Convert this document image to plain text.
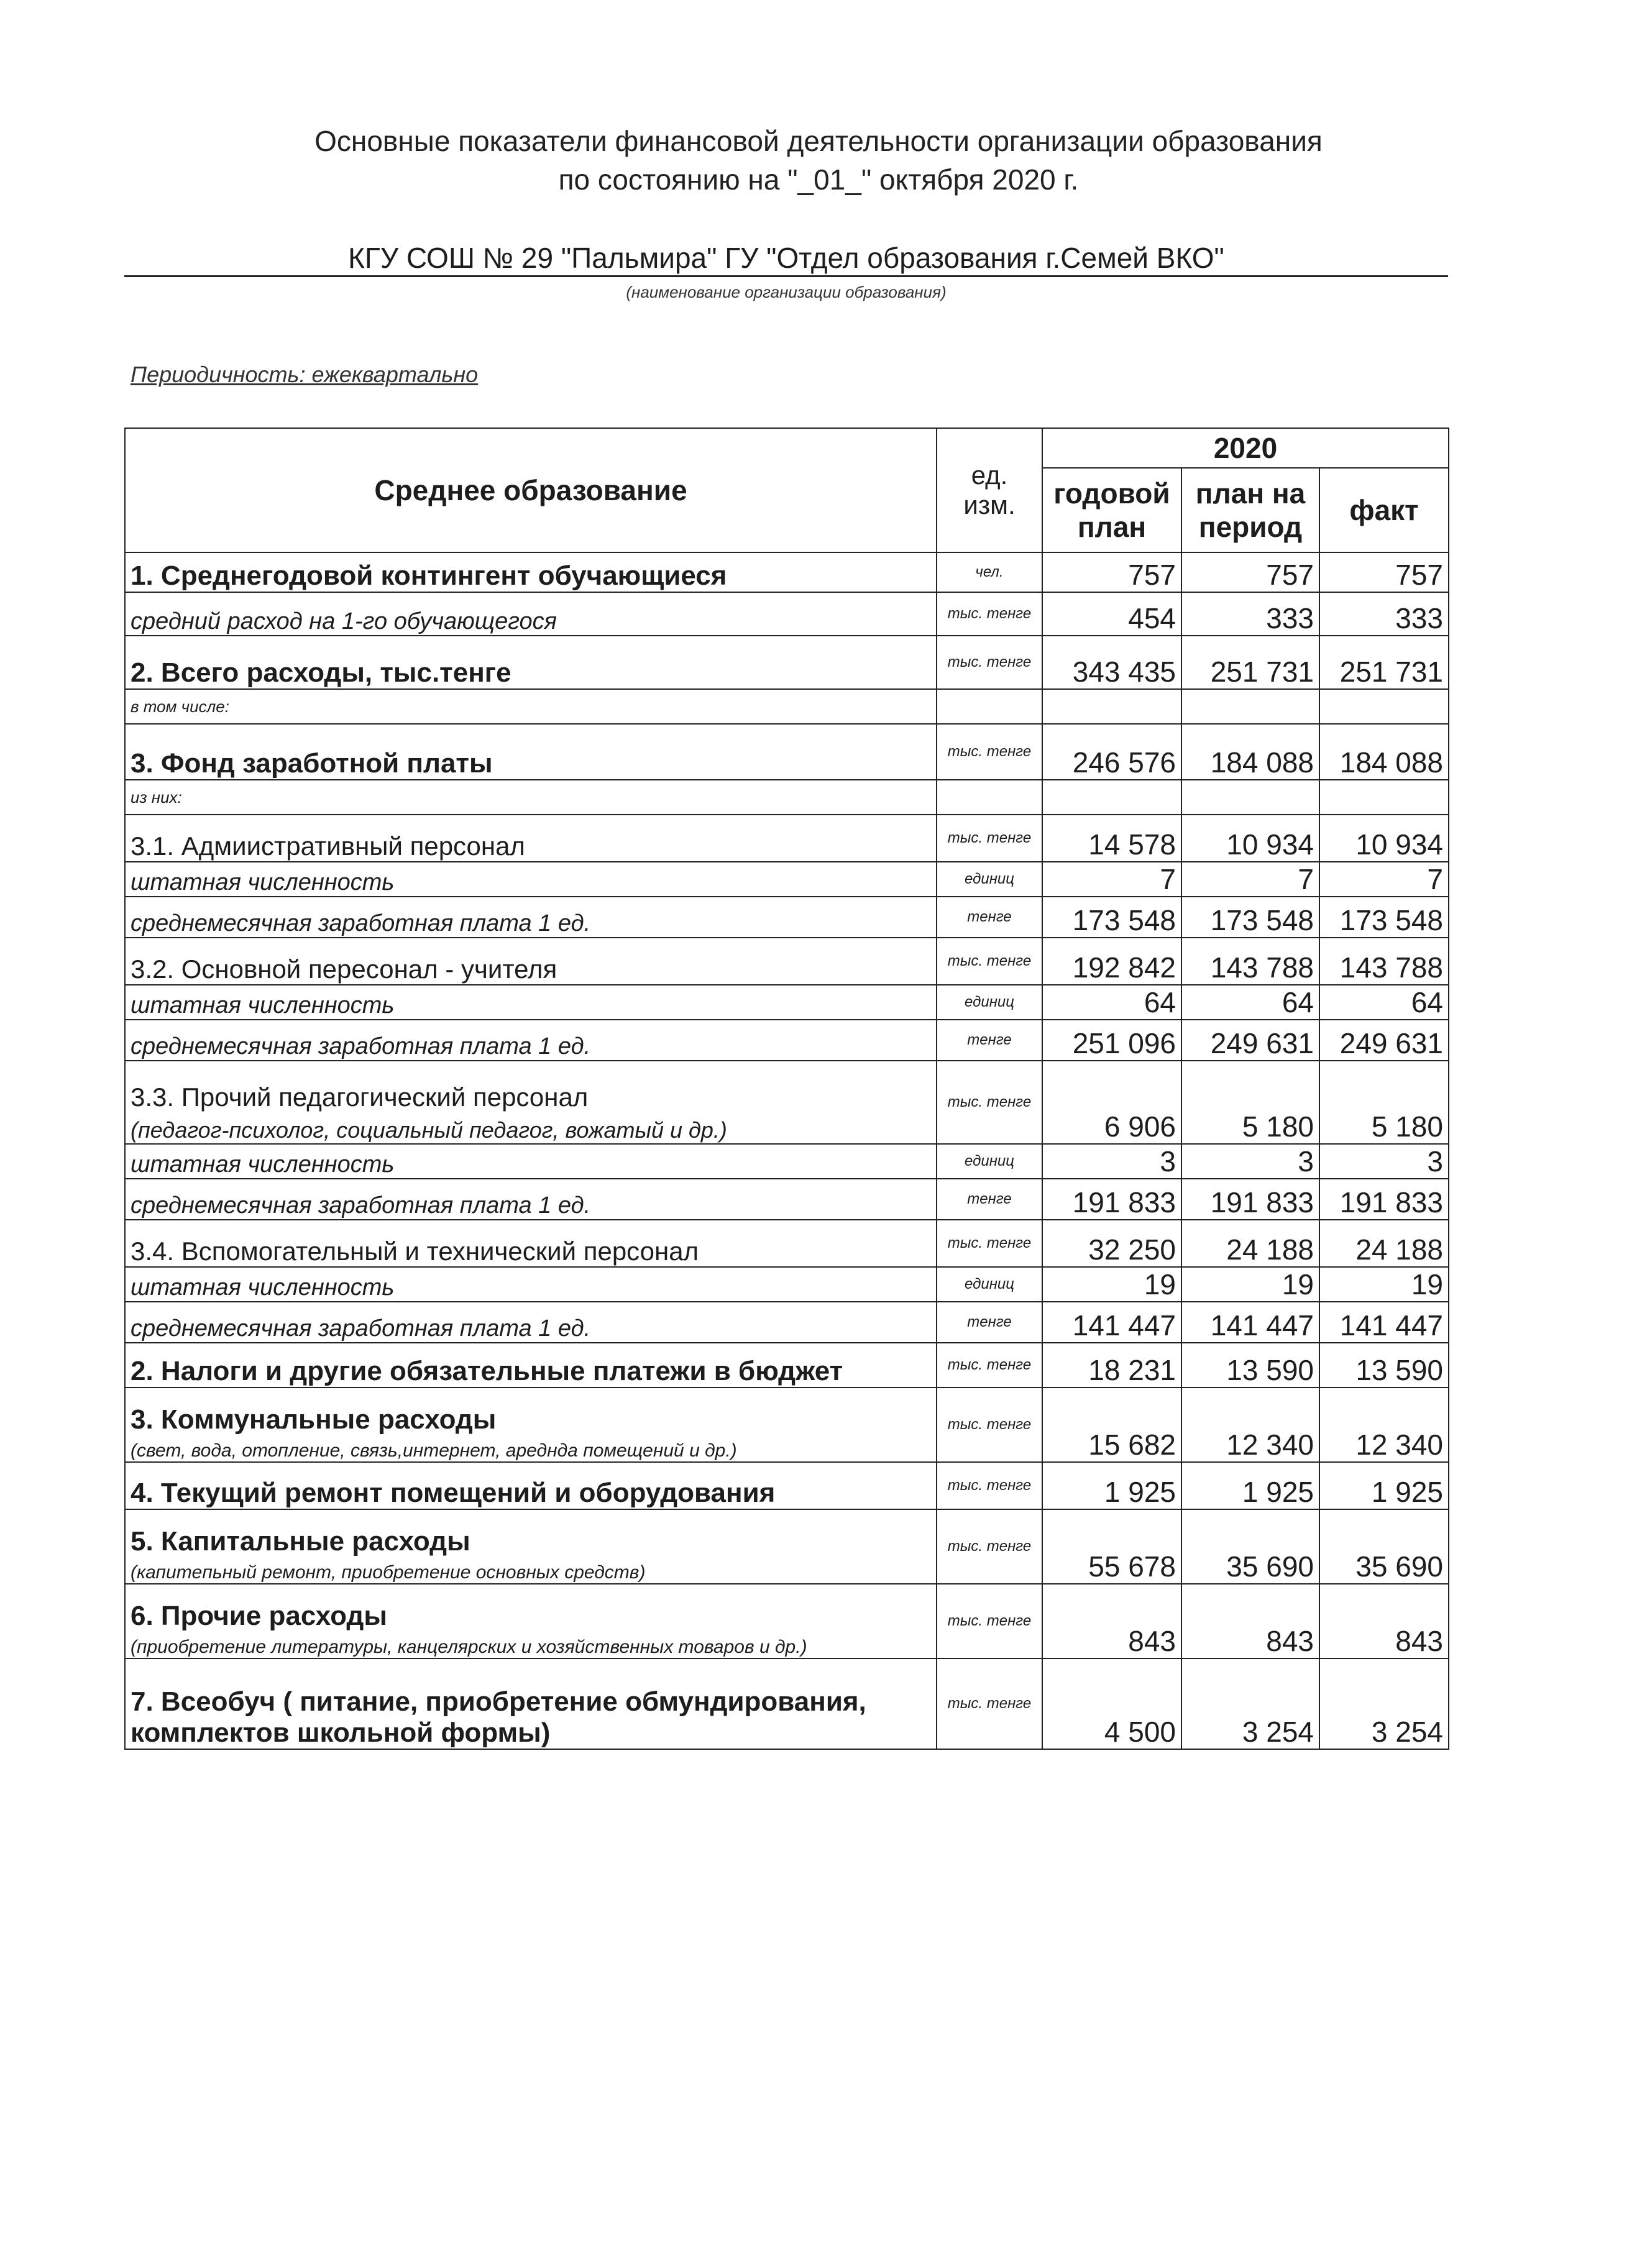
Основные показатели финансовой деятельности организации образования
по состоянию на "_01_" октября 2020 г.
КГУ СОШ № 29 "Пальмира" ГУ "Отдел образования г.Семей ВКО"
(наименование организации образования)
Периодичность: ежеквартально
Среднее образование	ед. изм.	2020		
		годовой план	план на период	факт
1. Среднегодовой контингент обучающиеся	чел.	757	757	757
средний расход на 1-го обучающегося	тыс. тенге	454	333	333
2. Всего расходы, тыс.тенге	тыс. тенге	343 435	251 731	251 731
в том числе:				
3. Фонд заработной платы	тыс. тенге	246 576	184 088	184 088
из них:				
3.1. Адмиистративный персонал	тыс. тенге	14 578	10 934	10 934
штатная численность	единиц	7	7	7
среднемесячная заработная плата 1 ед.	тенге	173 548	173 548	173 548
3.2. Основной пересонал - учителя	тыс. тенге	192 842	143 788	143 788
штатная численность	единиц	64	64	64
среднемесячная заработная плата 1 ед.	тенге	251 096	249 631	249 631
3.3. Прочий педагогический персонал
(педагог-психолог, социальный педагог, вожатый и др.)	тыс. тенге	6 906	5 180	5 180
штатная численность	единиц	3	3	3
среднемесячная заработная плата 1 ед.	тенге	191 833	191 833	191 833
3.4. Вспомогательный и технический персонал	тыс. тенге	32 250	24 188	24 188
штатная численность	единиц	19	19	19
среднемесячная заработная плата 1 ед.	тенге	141 447	141 447	141 447
2. Налоги и другие обязательные платежи в бюджет	тыс. тенге	18 231	13 590	13 590
3. Коммунальные расходы
(свет, вода, отопление, связь,интернет, аредндa помещений и др.)	тыс. тенге	15 682	12 340	12 340
4. Текущий ремонт помещений и оборудования	тыс. тенге	1 925	1 925	1 925
5. Капитальные расходы
(капитепьный ремонт, приобретение основных средств)	тыс. тенге	55 678	35 690	35 690
6. Прочие расходы
(приобретение литературы, канцелярских и хозяйственных товаров и др.)	тыс. тенге	843	843	843
7. Всеобуч ( питание, приобретение обмундирования, комплектов школьной формы)	тыс. тенге	4 500	3 254	3 254
